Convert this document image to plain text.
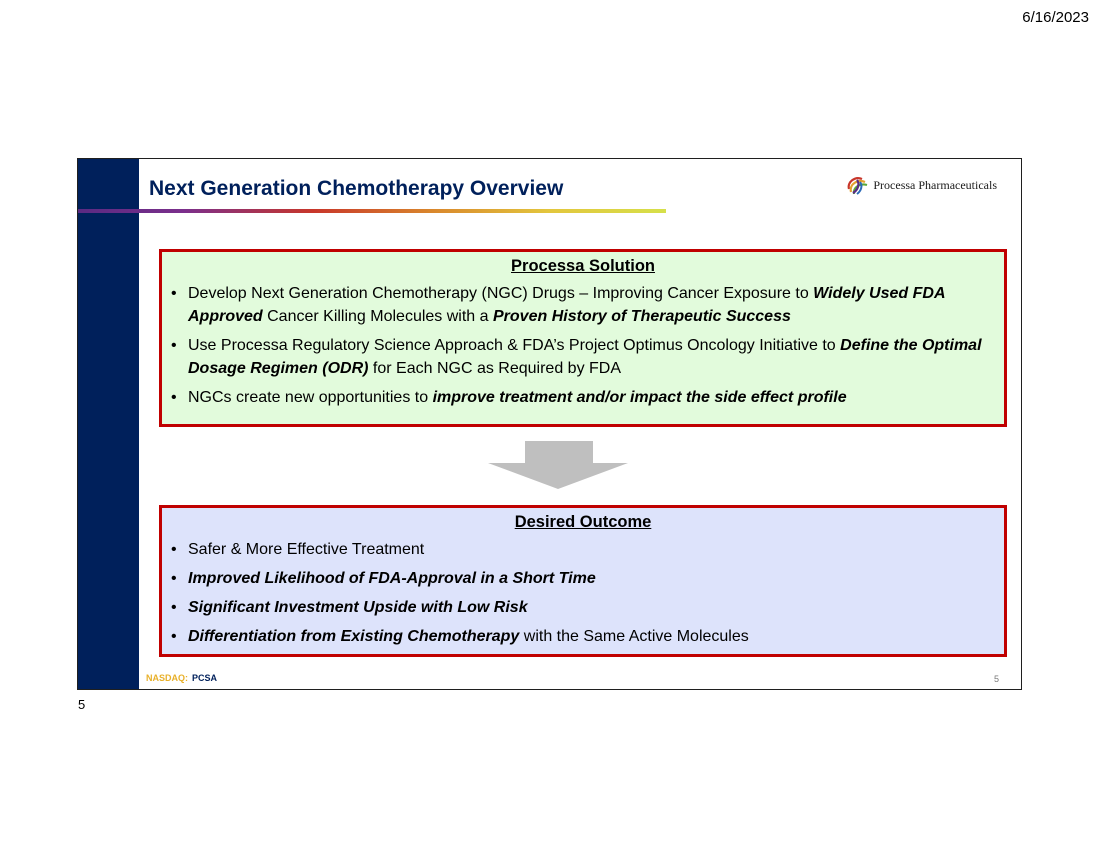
6/16/2023
Next Generation Chemotherapy Overview	Processa Pharmaceuticals
Processa Solution
• Develop Next Generation Chemotherapy (NGC) Drugs – Improving Cancer Exposure to Widely Used FDA Approved Cancer Killing Molecules with a Proven History of Therapeutic Success
• Use Processa Regulatory Science Approach & FDA’s Project Optimus Oncology Initiative to Define the Optimal Dosage Regimen (ODR) for Each NGC as Required by FDA
• NGCs create new opportunities to improve treatment and/or impact the side effect profile
Desired Outcome
• Safer & More Effective Treatment
• Improved Likelihood of FDA-Approval in a Short Time
• Significant Investment Upside with Low Risk
• Differentiation from Existing Chemotherapy with the Same Active Molecules
NASDAQ: PCSA	5
5
